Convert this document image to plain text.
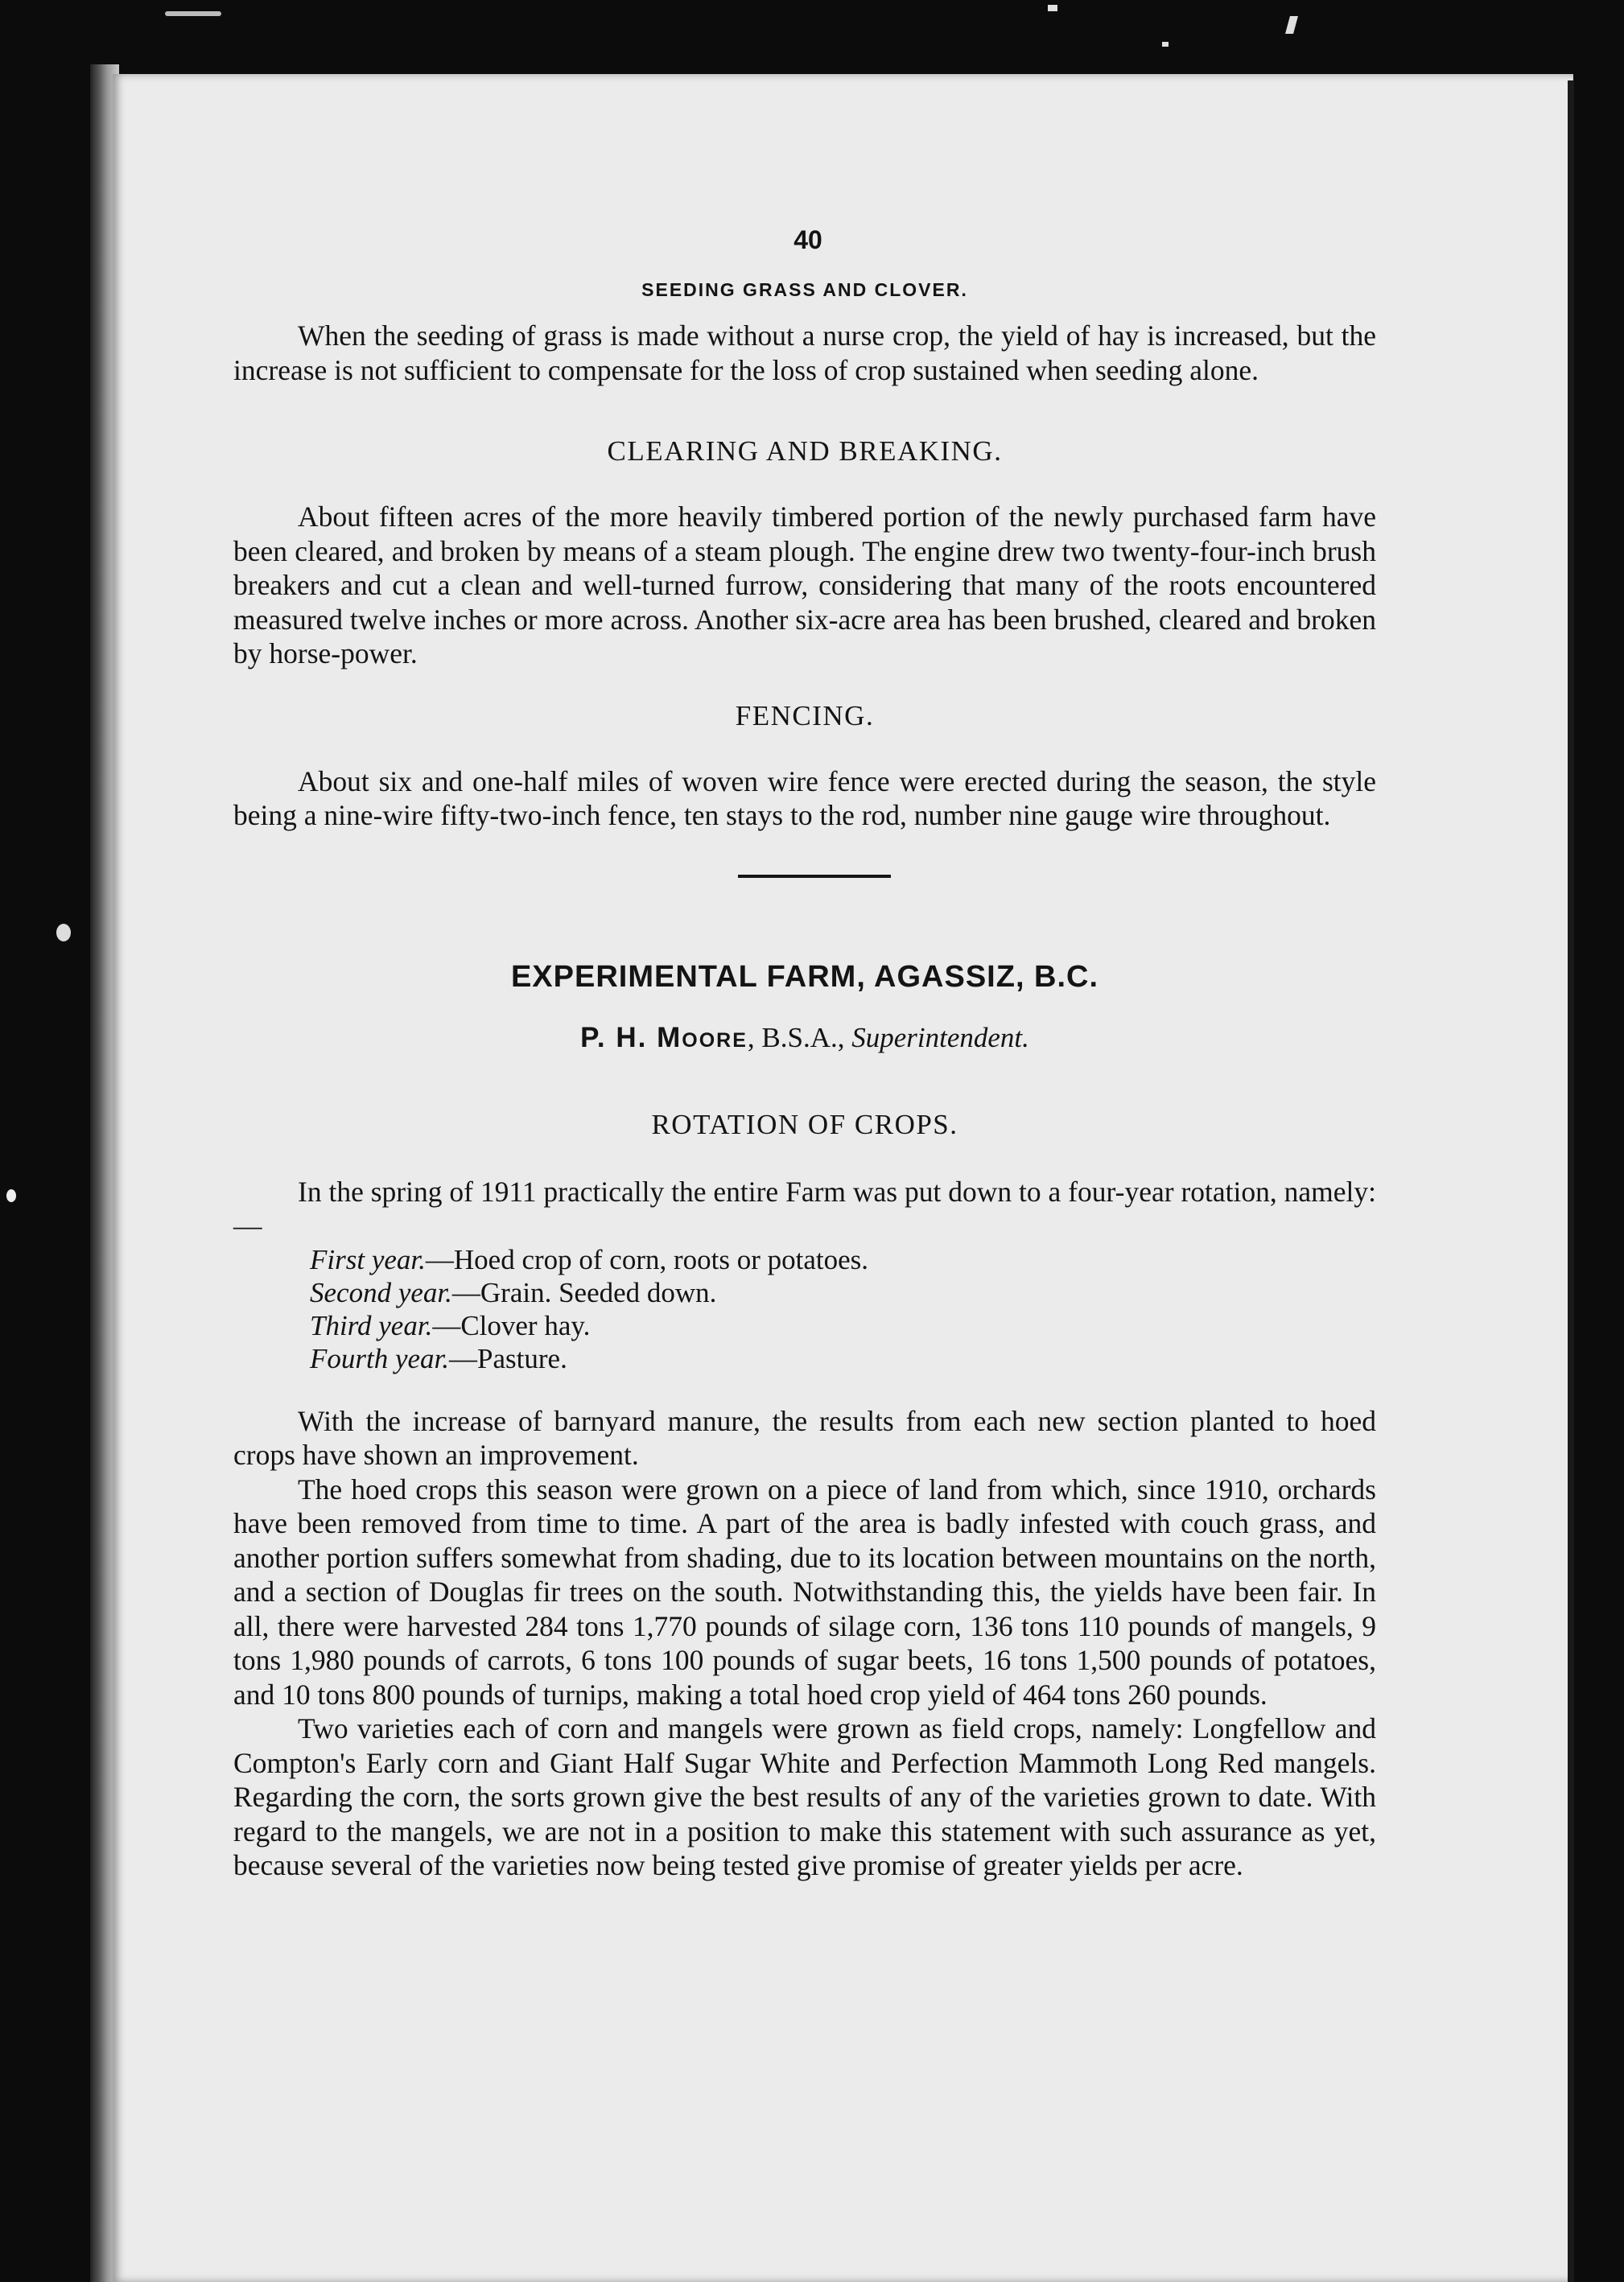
40
SEEDING GRASS AND CLOVER.

When the seeding of grass is made without a nurse crop, the yield of hay is increased, but the increase is not sufficient to compensate for the loss of crop sustained when seeding alone.

CLEARING AND BREAKING.

About fifteen acres of the more heavily timbered portion of the newly purchased farm have been cleared, and broken by means of a steam plough. The engine drew two twenty-four-inch brush breakers and cut a clean and well-turned furrow, considering that many of the roots encountered measured twelve inches or more across. Another six-acre area has been brushed, cleared and broken by horse-power.

FENCING.

About six and one-half miles of woven wire fence were erected during the season, the style being a nine-wire fifty-two-inch fence, ten stays to the rod, number nine gauge wire throughout.

EXPERIMENTAL FARM, AGASSIZ, B.C.
P. H. Moore, B.S.A., Superintendent.
ROTATION OF CROPS.

In the spring of 1911 practically the entire Farm was put down to a four-year rotation, namely:—

First year.—Hoed crop of corn, roots or potatoes.
Second year.—Grain. Seeded down.
Third year.—Clover hay.
Fourth year.—Pasture.

With the increase of barnyard manure, the results from each new section planted to hoed crops have shown an improvement.

The hoed crops this season were grown on a piece of land from which, since 1910, orchards have been removed from time to time. A part of the area is badly infested with couch grass, and another portion suffers somewhat from shading, due to its location between mountains on the north, and a section of Douglas fir trees on the south. Notwithstanding this, the yields have been fair. In all, there were harvested 284 tons 1,770 pounds of silage corn, 136 tons 110 pounds of mangels, 9 tons 1,980 pounds of carrots, 6 tons 100 pounds of sugar beets, 16 tons 1,500 pounds of potatoes, and 10 tons 800 pounds of turnips, making a total hoed crop yield of 464 tons 260 pounds.

Two varieties each of corn and mangels were grown as field crops, namely: Longfellow and Compton's Early corn and Giant Half Sugar White and Perfection Mammoth Long Red mangels. Regarding the corn, the sorts grown give the best results of any of the varieties grown to date. With regard to the mangels, we are not in a position to make this statement with such assurance as yet, because several of the varieties now being tested give promise of greater yields per acre.
